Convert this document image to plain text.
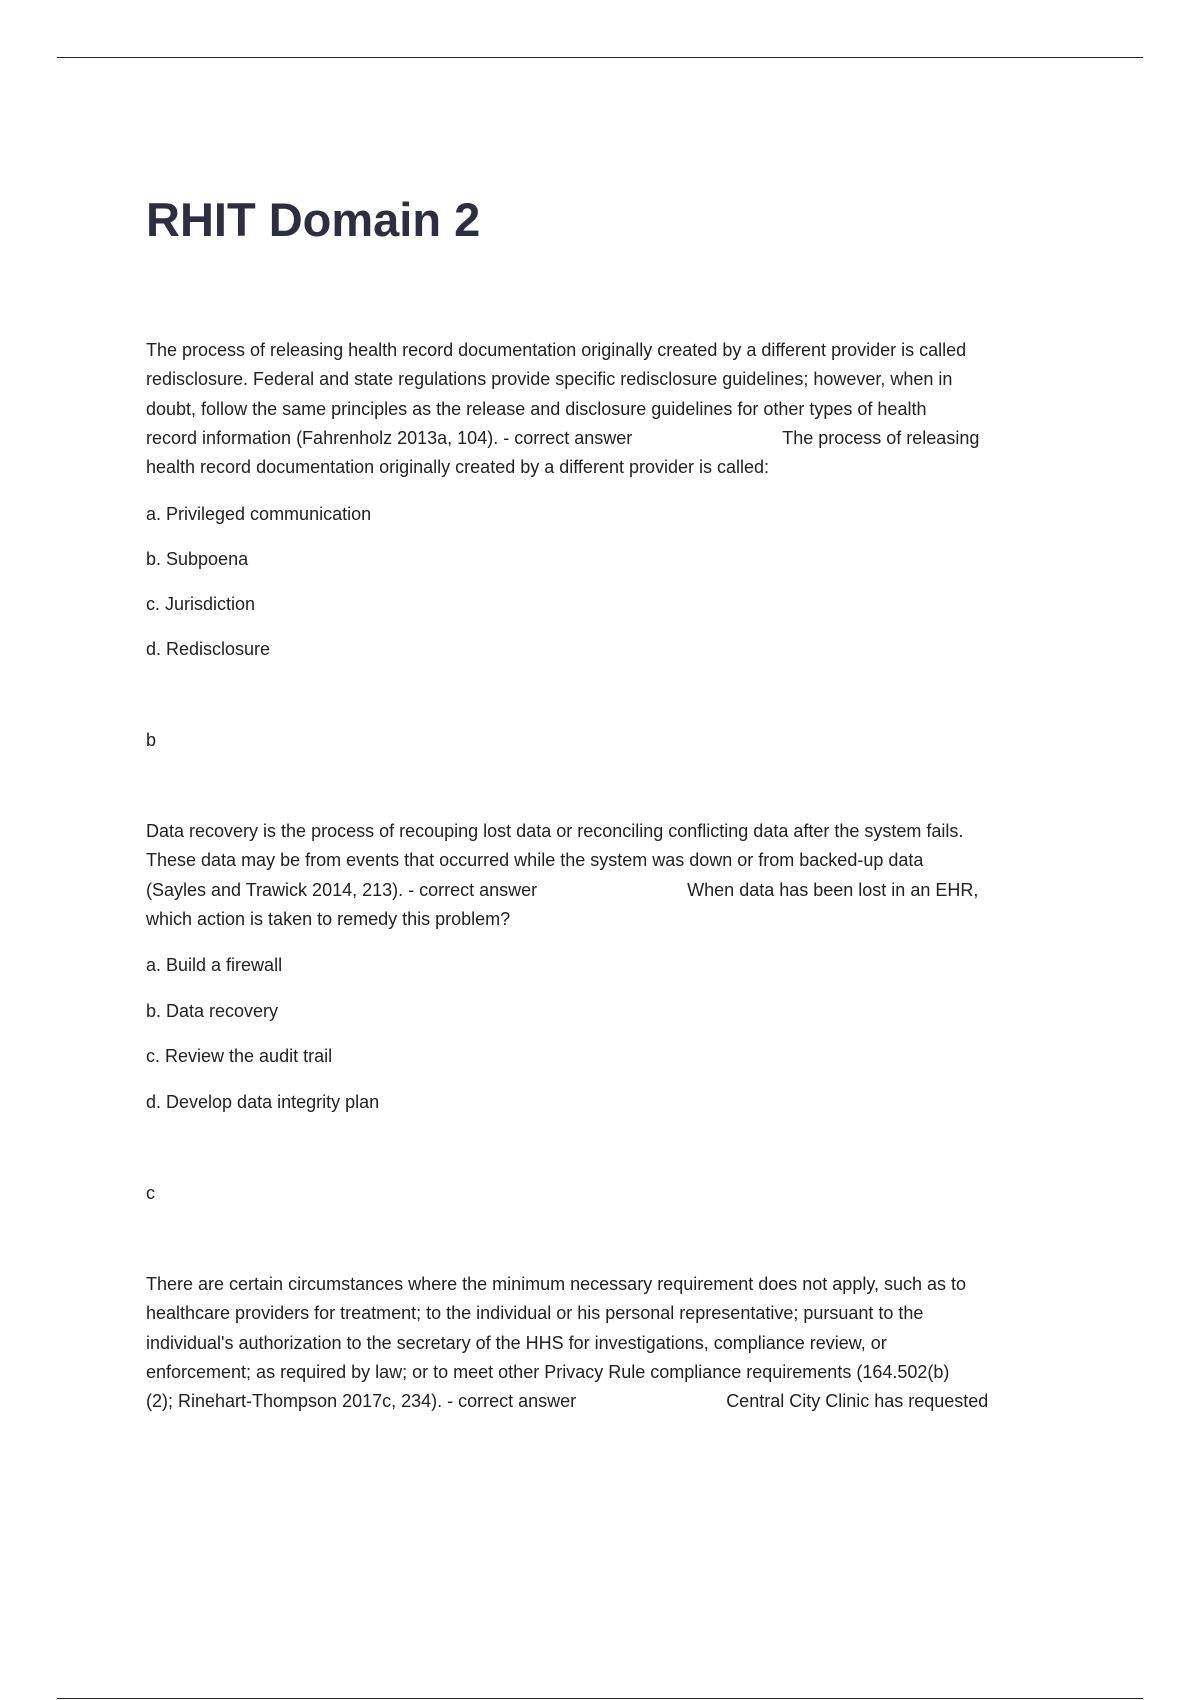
RHIT Domain 2
The process of releasing health record documentation originally created by a different provider is called
redisclosure. Federal and state regulations provide specific redisclosure guidelines; however, when in
doubt, follow the same principles as the release and disclosure guidelines for other types of health
record information (Fahrenholz 2013a, 104). - correct answer	The process of releasing
health record documentation originally created by a different provider is called:
a. Privileged communication
b. Subpoena
c. Jurisdiction
d. Redisclosure
b
Data recovery is the process of recouping lost data or reconciling conflicting data after the system fails.
These data may be from events that occurred while the system was down or from backed-up data
(Sayles and Trawick 2014, 213). - correct answer	When data has been lost in an EHR,
which action is taken to remedy this problem?
a. Build a firewall
b. Data recovery
c. Review the audit trail
d. Develop data integrity plan
c
There are certain circumstances where the minimum necessary requirement does not apply, such as to
healthcare providers for treatment; to the individual or his personal representative; pursuant to the
individual's authorization to the secretary of the HHS for investigations, compliance review, or
enforcement; as required by law; or to meet other Privacy Rule compliance requirements (164.502(b)
(2); Rinehart-Thompson 2017c, 234). - correct answer	Central City Clinic has requested
